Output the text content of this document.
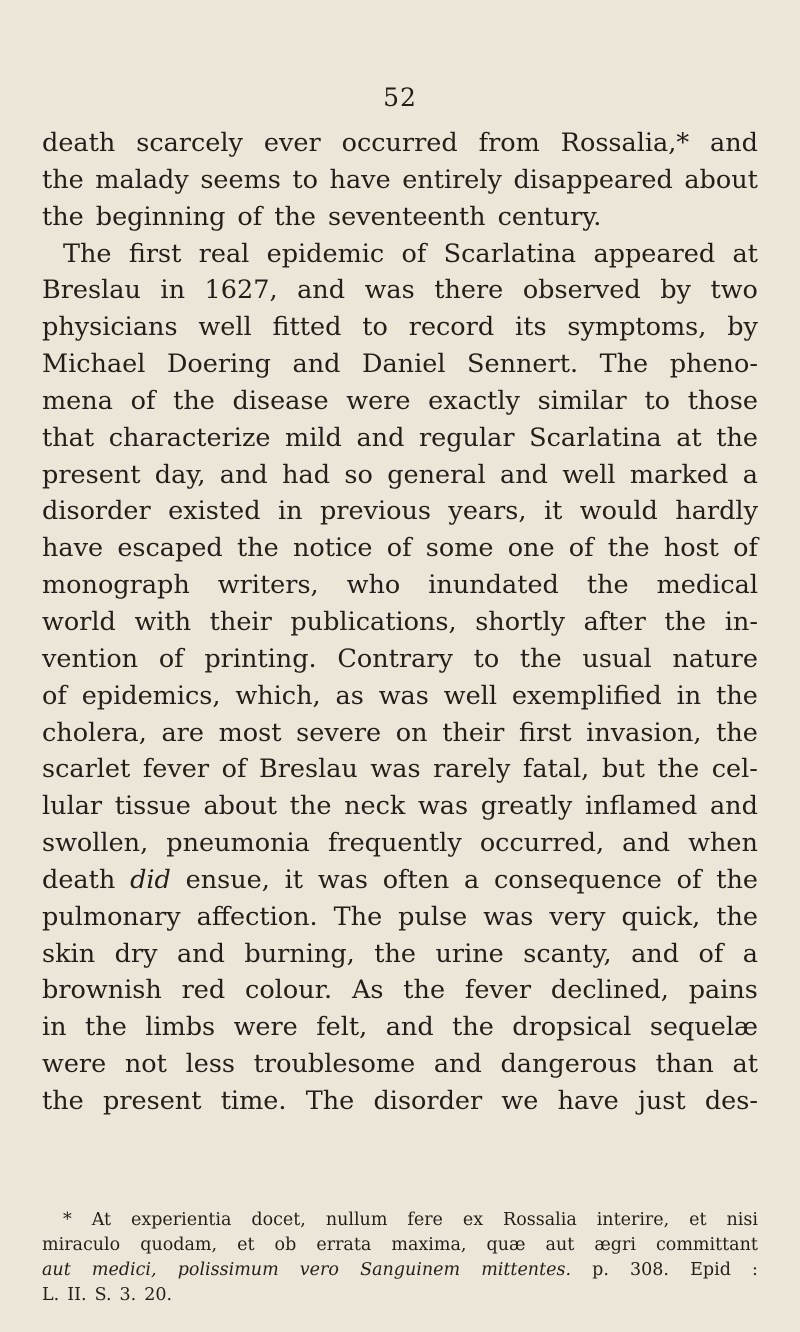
52
death scarcely ever occurred from Rossalia,* and
the malady seems to have entirely disappeared about
the beginning of the seventeenth century.
The first real epidemic of Scarlatina appeared at
Breslau in 1627, and was there observed by two
physicians well fitted to record its symptoms, by
Michael Doering and Daniel Sennert. The pheno-
mena of the disease were exactly similar to those
that characterize mild and regular Scarlatina at the
present day, and had so general and well marked a
disorder existed in previous years, it would hardly
have escaped the notice of some one of the host of
monograph writers, who inundated the medical
world with their publications, shortly after the in-
vention of printing. Contrary to the usual nature
of epidemics, which, as was well exemplified in the
cholera, are most severe on their first invasion, the
scarlet fever of Breslau was rarely fatal, but the cel-
lular tissue about the neck was greatly inflamed and
swollen, pneumonia frequently occurred, and when
death did ensue, it was often a consequence of the
pulmonary affection. The pulse was very quick, the
skin dry and burning, the urine scanty, and of a
brownish red colour. As the fever declined, pains
in the limbs were felt, and the dropsical sequelæ
were not less troublesome and dangerous than at
the present time. The disorder we have just des-
* At experientia docet, nullum fere ex Rossalia interire, et nisi
miraculo quodam, et ob errata maxima, quæ aut ægri committant
aut medici, polissimum vero Sanguinem mittentes. p. 308. Epid :
L. II. S. 3. 20.
